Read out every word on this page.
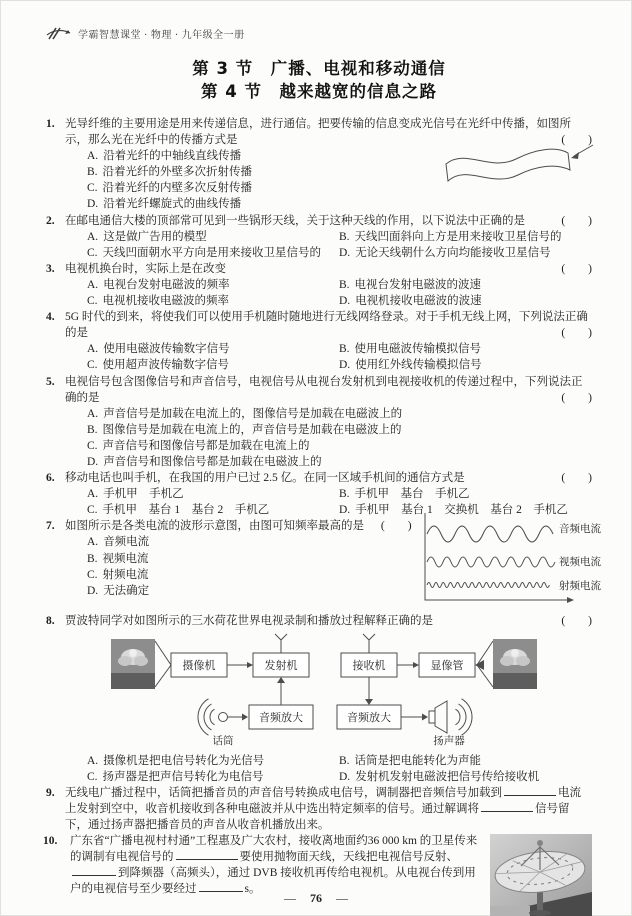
学霸智慧课堂 · 物理 · 九年级全一册
第 3 节　广播、电视和移动通信
第 4 节　越来越宽的信息之路
1. 光导纤维的主要用途是用来传递信息，进行通信。把要传输的信息变成光信号在光纤中传播，如图所示，那么光在光纤中的传播方式是	(　　)

A. 沿着光纤的中轴线直线传播
B. 沿着光纤的外壁多次折射传播
C. 沿着光纤的内壁多次反射传播
D. 沿着光纤螺旋式的曲线传播
2. 在邮电通信大楼的顶部常可见到一些锅形天线，关于这种天线的作用，以下说法中正确的是	(　　)

A. 这是做广告用的模型	B. 天线凹面斜向上方是用来接收卫星信号的
C. 天线凹面朝水平方向是用来接收卫星信号的	D. 无论天线朝什么方向均能接收卫星信号
3. 电视机换台时，实际上是在改变	(　　)

A. 电视台发射电磁波的频率	B. 电视台发射电磁波的波速
C. 电视机接收电磁波的频率	D. 电视机接收电磁波的波速
4. 5G 时代的到来，将使我们可以使用手机随时随地进行无线网络登录。对于手机无线上网，下列说法正确的是	(　　)

A. 使用电磁波传输数字信号	B. 使用电磁波传输模拟信号
C. 使用超声波传输数字信号	D. 使用红外线传输模拟信号
5. 电视信号包含图像信号和声音信号，电视信号从电视台发射机到电视接收机的传递过程中，下列说法正确的是	(　　)

A. 声音信号是加载在电流上的，图像信号是加载在电磁波上的
B. 图像信号是加载在电流上的，声音信号是加载在电磁波上的
C. 声音信号和图像信号都是加载在电流上的
D. 声音信号和图像信号都是加载在电磁波上的
6. 移动电话也叫手机，在我国的用户已过 2.5 亿。在同一区域手机间的通信方式是	(　　)

A. 手机甲　手机乙	B. 手机甲　基台　手机乙
C. 手机甲　基台 1　基台 2　手机乙	D. 手机甲　基台 1　交换机　基台 2　手机乙
7. 如图所示是各类电流的波形示意图，由图可知频率最高的是 (　　)

A. 音频电流
B. 视频电流
C. 射频电流
D. 无法确定
音频电流
视频电流
射频电流
8. 贾波特同学对如图所示的三水荷花世界电视录制和播放过程解释正确的是	(　　)

摄像机	发射机	接收机	显像管
音频放大
话筒
音频放大
扬声器
A. 摄像机是把电信号转化为光信号	B. 话筒是把电能转化为声能
C. 扬声器是把声信号转化为电信号	D. 发射机发射电磁波把信号传给接收机
9. 无线电广播过程中，话筒把播音员的声音信号转换成电信号，调制器把音频信号加载到	电流上发射到空中，收音机接收到各种电磁波并从中选出特定频率的信号。通过解调将	信号留下，通过扬声器把播音员的声音从收音机播放出来。

10. 广东省“广播电视村村通”工程惠及广大农村，接收离地面约36 000 km 的卫星传来的调制有电视信号的	要使用抛物面天线，天线把电视信号反射、到降频器（高频头），通过 DVB 接收机再传给电视机。从电视台传到用户的电视信号至少要经过	s。

— 76 —
